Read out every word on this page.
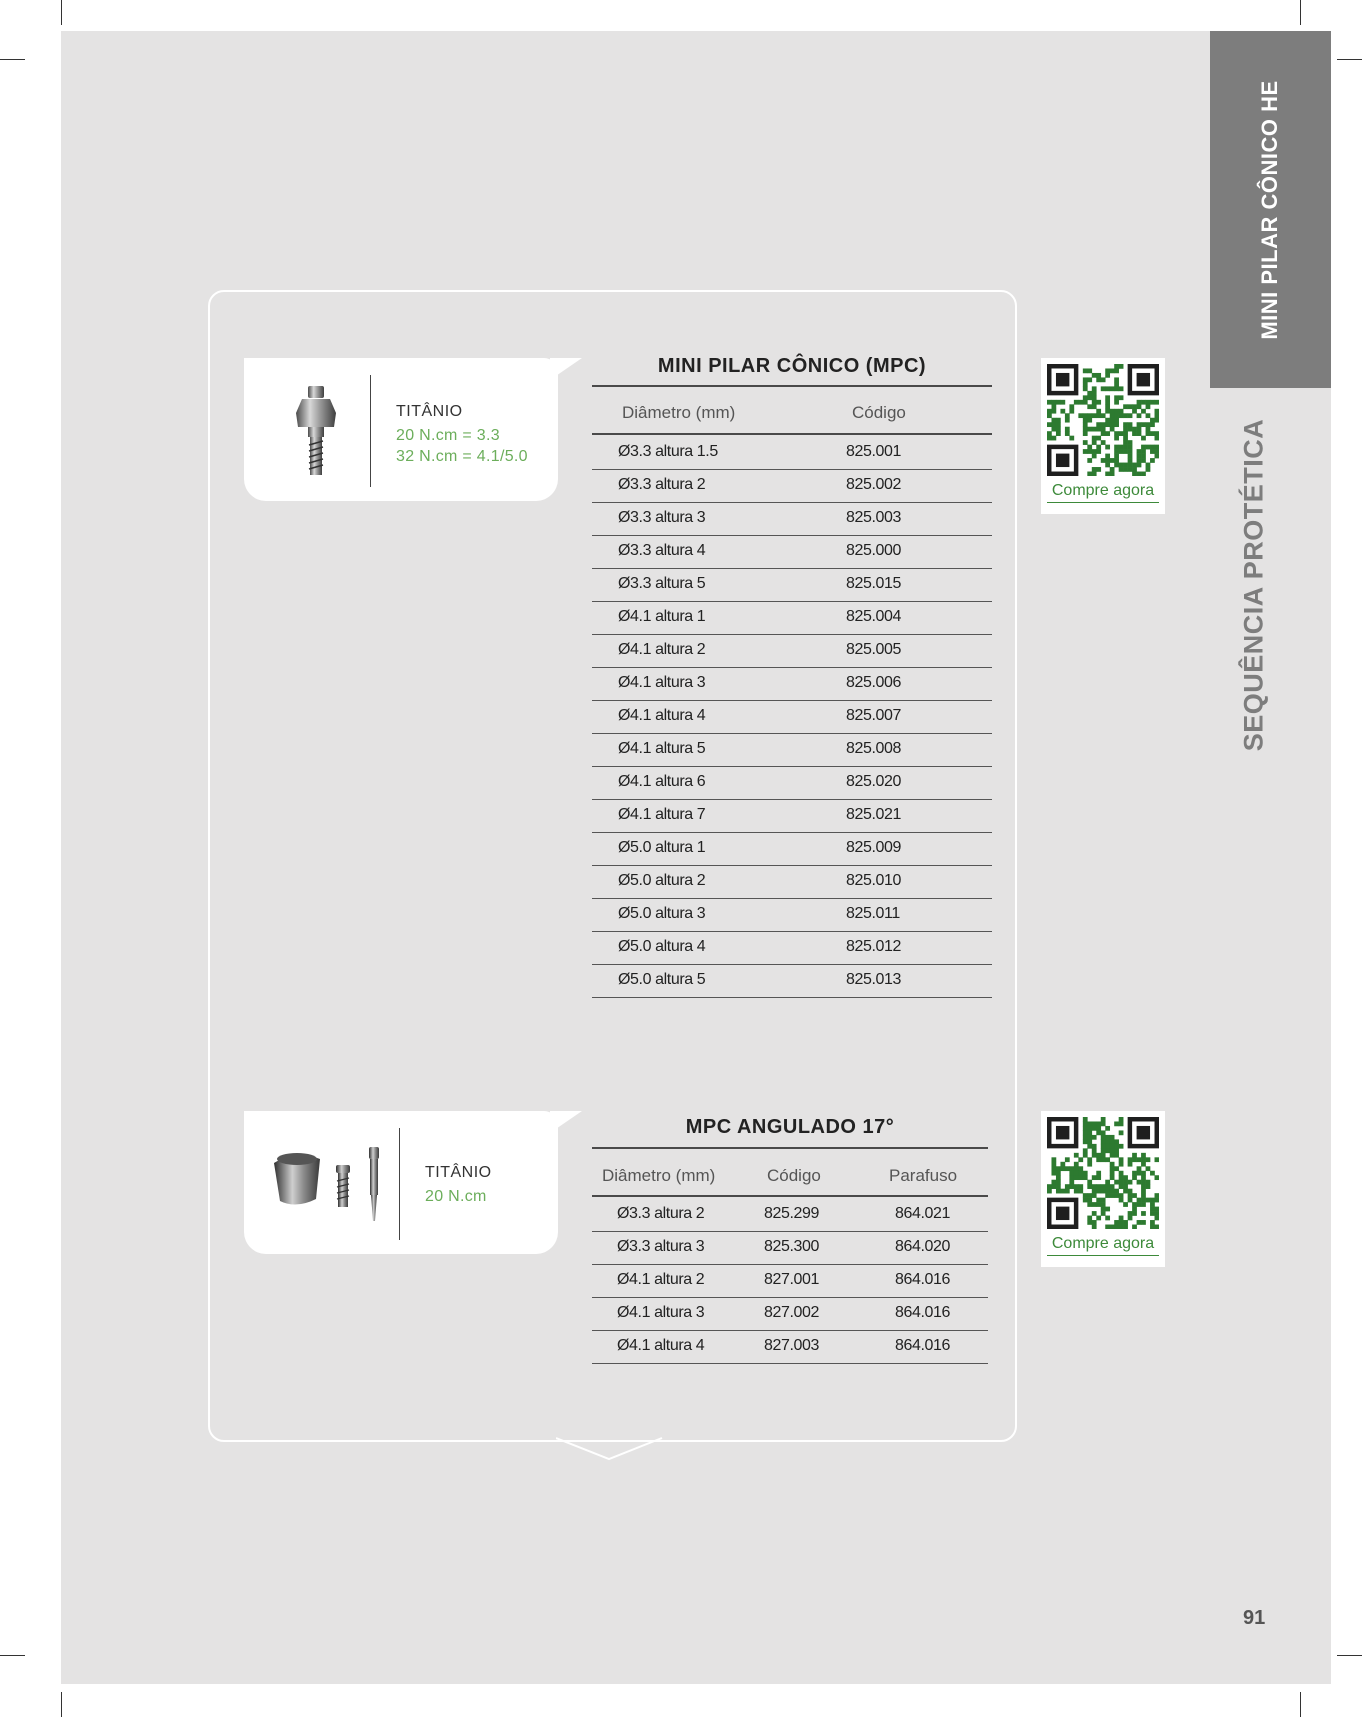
MINI PILAR CÔNICO HE
SEQUÊNCIA PROTÉTICA
TITÂNIO
20 N.cm = 3.3
32 N.cm = 4.1/5.0
MINI PILAR CÔNICO (MPC)
Diâmetro (mm)	Código
Ø3.3 altura 1.5	825.001
Ø3.3 altura 2	825.002
Ø3.3 altura 3	825.003
Ø3.3 altura 4	825.000
Ø3.3 altura 5	825.015
Ø4.1 altura 1	825.004
Ø4.1 altura 2	825.005
Ø4.1 altura 3	825.006
Ø4.1 altura 4	825.007
Ø4.1 altura 5	825.008
Ø4.1 altura 6	825.020
Ø4.1 altura 7	825.021
Ø5.0 altura 1	825.009
Ø5.0 altura 2	825.010
Ø5.0 altura 3	825.011
Ø5.0 altura 4	825.012
Ø5.0 altura 5	825.013
Compre agora
TITÂNIO
20 N.cm
MPC ANGULADO 17°
Diâmetro (mm)	Código	Parafuso
Ø3.3 altura 2	825.299	864.021
Ø3.3 altura 3	825.300	864.020
Ø4.1 altura 2	827.001	864.016
Ø4.1 altura 3	827.002	864.016
Ø4.1 altura 4	827.003	864.016
Compre agora
91
